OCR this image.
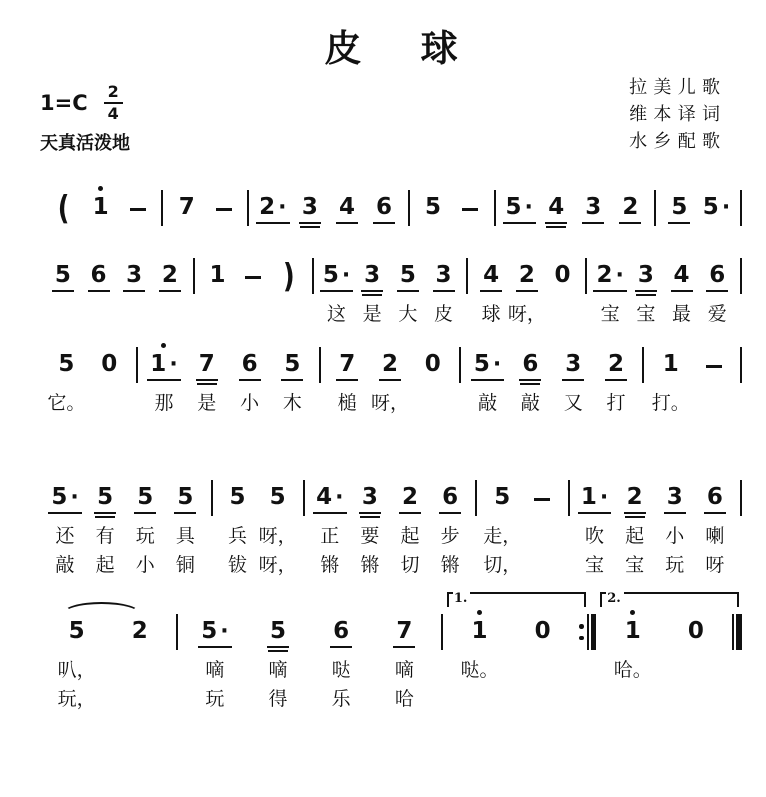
皮球
$1=C \frac{2}{4}$
天真活泼地
拉美儿歌
维本译词
水乡配歌
( 1	7	2 · 3 4 6 5	5 · 4 3 2 5 5 ·
5 6 3 2 1 ) 5 ·
这
3
是
5
大
3
皮
4
球
2
呀，
0 2 ·
宝
3
宝
4
最
6
爱
5
它。
0 1 ·
那
7
是
6
小
5
木
7
槌
2
呀，
0 5 ·
敲
6
敲
3
又
2
打
1
打。
5 ·
还
敲
5
有
起
5
玩
小
5
具
铜
5
兵
钹
5
呀，
呀，
4 ·
正
锵
3
要
锵
2
起
切
6
步
锵
5
走，
切，
1 ·
吹
宝
2
起
宝
3
小
玩
6
喇
呀
5
叭，
玩，
2 5 ·
嘀
玩
5
嘀
得
6
哒
乐
7
嘀
哈
1.
1
哒。
0
2.
1
哈。
0
